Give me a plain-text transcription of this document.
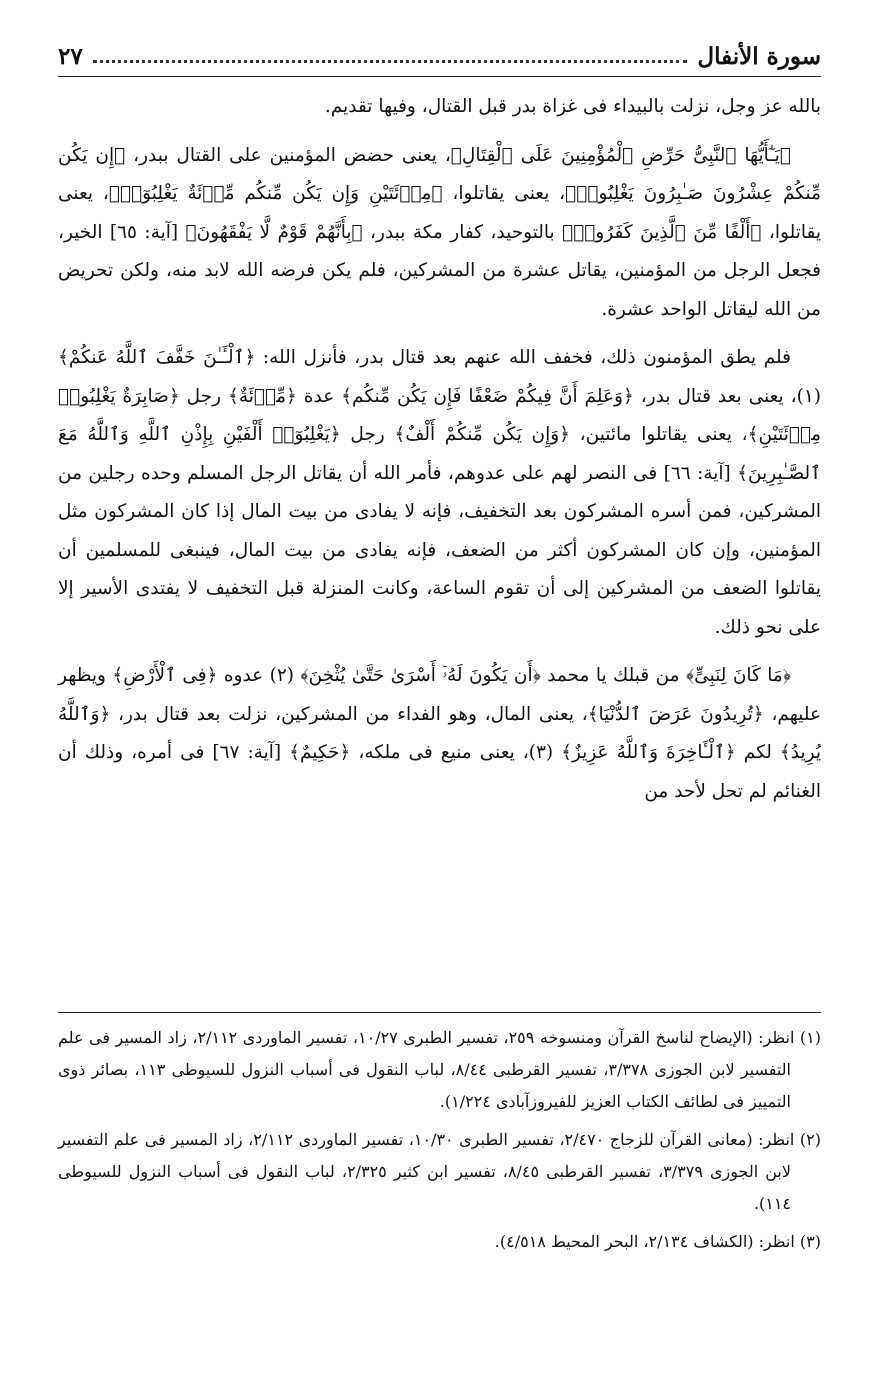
سورة الأنفال
٢٧

بالله عز وجل، نزلت بالبيداء فى غزاة بدر قبل القتال، وفيها تقديم.

﴿يَـٰٓأَيُّهَا ٱلنَّبِىُّ حَرِّضِ ٱلْمُؤْمِنِينَ عَلَى ٱلْقِتَالِ﴾، يعنى حضض المؤمنين على القتال ببدر، ﴿إِن يَكُن مِّنكُمْ عِشْرُونَ صَـٰبِرُونَ يَغْلِبُوا۟﴾، يعنى يقاتلوا، ﴿مِا۟ئَتَيْنِ وَإِن يَكُن مِّنكُم مِّا۟ئَةٌ يَغْلِبُوٓا۟﴾، يعنى يقاتلوا، ﴿أَلْفًا مِّنَ ٱلَّذِينَ كَفَرُوا۟﴾ بالتوحيد، كفار مكة ببدر، ﴿بِأَنَّهُمْ قَوْمٌ لَّا يَفْقَهُونَ﴾ [آية: ٦٥] الخير، فجعل الرجل من المؤمنين، يقاتل عشرة من المشركين، فلم يكن فرضه الله لابد منه، ولكن تحريض من الله ليقاتل الواحد عشرة.

فلم يطق المؤمنون ذلك، فخفف الله عنهم بعد قتال بدر، فأنزل الله: ﴿ٱلْـَٔـٰنَ خَفَّفَ ٱللَّهُ عَنكُمْ﴾ (١)، يعنى بعد قتال بدر، ﴿وَعَلِمَ أَنَّ فِيكُمْ ضَعْفًا فَإِن يَكُن مِّنكُم﴾ عدة ﴿مِّا۟ئَةٌ﴾ رجل ﴿صَابِرَةٌ يَغْلِبُوا۟ مِا۟ئَتَيْنِ﴾، يعنى يقاتلوا مائتين، ﴿وَإِن يَكُن مِّنكُمْ أَلْفٌ﴾ رجل ﴿يَغْلِبُوٓا۟ أَلْفَيْنِ بِإِذْنِ ٱللَّهِ وَٱللَّهُ مَعَ ٱلصَّـٰبِرِينَ﴾ [آية: ٦٦] فى النصر لهم على عدوهم، فأمر الله أن يقاتل الرجل المسلم وحده رجلين من المشركين، فمن أسره المشركون بعد التخفيف، فإنه لا يفادى من بيت المال إذا كان المشركون مثل المؤمنين، وإن كان المشركون أكثر من الضعف، فإنه يفادى من بيت المال، فينبغى للمسلمين أن يقاتلوا الضعف من المشركين إلى أن تقوم الساعة، وكانت المنزلة قبل التخفيف لا يفتدى الأسير إلا على نحو ذلك.

﴿مَا كَانَ لِنَبِىٍّ﴾ من قبلك يا محمد ﴿أَن يَكُونَ لَهُۥٓ أَسْرَىٰ حَتَّىٰ يُثْخِنَ﴾ (٢) عدوه ﴿فِى ٱلْأَرْضِ﴾ ويظهر عليهم، ﴿تُرِيدُونَ عَرَضَ ٱلدُّنْيَا﴾، يعنى المال، وهو الفداء من المشركين، نزلت بعد قتال بدر، ﴿وَٱللَّهُ يُرِيدُ﴾ لكم ﴿ٱلْـَٔاخِرَةَ وَٱللَّهُ عَزِيزٌ﴾ (٣)، يعنى منيع فى ملكه، ﴿حَكِيمٌ﴾ [آية: ٦٧] فى أمره، وذلك أن الغنائم لم تحل لأحد من

(١) انظر: (الإيضاح لناسخ القرآن ومنسوخه ٢٥٩، تفسير الطبرى ١٠/٢٧، تفسير الماوردى ٢/١١٢، زاد المسير فى علم التفسير لابن الجوزى ٣/٣٧٨، تفسير القرطبى ٨/٤٤، لباب النقول فى أسباب النزول للسيوطى ١١٣، بصائر ذوى التمييز فى لطائف الكتاب العزيز للفيروزآبادى ١/٢٢٤).
(٢) انظر: (معانى القرآن للزجاج ٢/٤٧٠، تفسير الطبرى ١٠/٣٠، تفسير الماوردى ٢/١١٢، زاد المسير فى علم التفسير لابن الجوزى ٣/٣٧٩، تفسير القرطبى ٨/٤٥، تفسير ابن كثير ٢/٣٢٥، لباب النقول فى أسباب النزول للسيوطى ١١٤).
(٣) انظر: (الكشاف ٢/١٣٤، البحر المحيط ٤/٥١٨).
